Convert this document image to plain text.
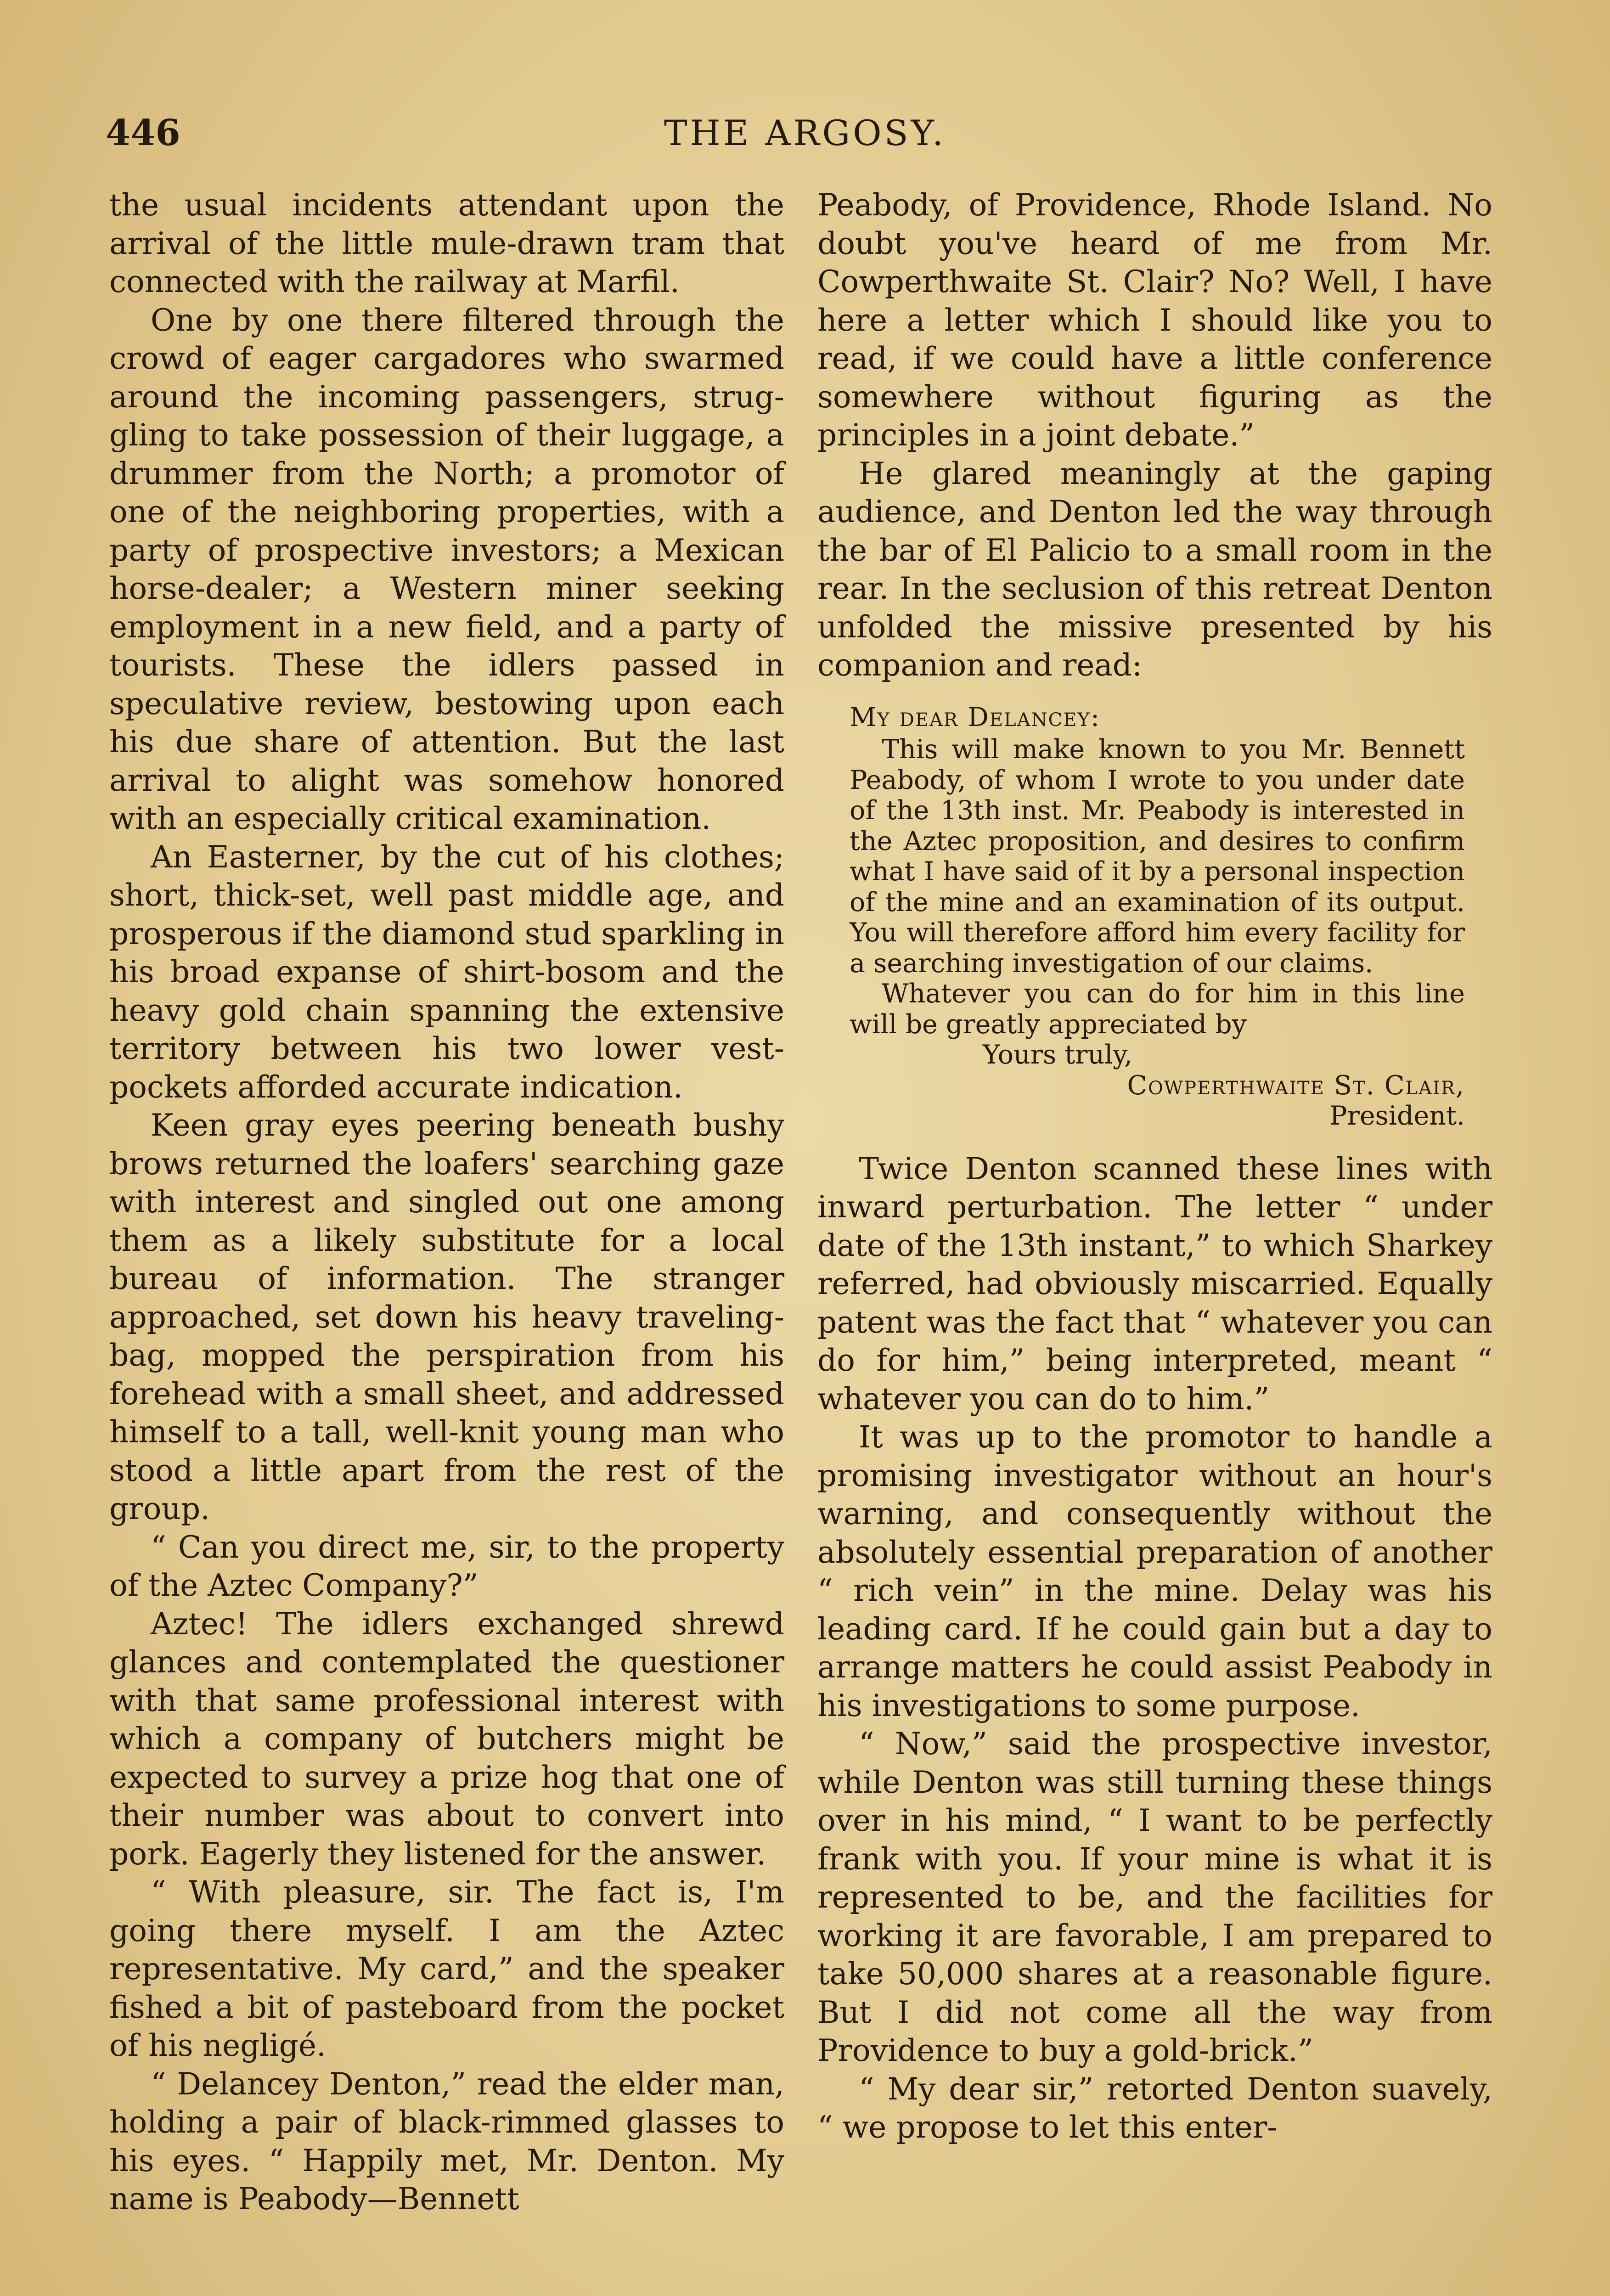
446	THE ARGOSY.

the usual incidents attendant upon the arrival of the little mule-drawn tram that connected with the railway at Marfil.

One by one there filtered through the crowd of eager cargadores who swarmed around the incoming passengers, struggling to take possession of their luggage, a drummer from the North; a promotor of one of the neighboring properties, with a party of prospective investors; a Mexican horse-dealer; a Western miner seeking employment in a new field, and a party of tourists. These the idlers passed in speculative review, bestowing upon each his due share of attention. But the last arrival to alight was somehow honored with an especially critical examination.

An Easterner, by the cut of his clothes; short, thick-set, well past middle age, and prosperous if the diamond stud sparkling in his broad expanse of shirt-bosom and the heavy gold chain spanning the extensive territory between his two lower vest-pockets afforded accurate indication.

Keen gray eyes peering beneath bushy brows returned the loafers' searching gaze with interest and singled out one among them as a likely substitute for a local bureau of information. The stranger approached, set down his heavy traveling-bag, mopped the perspiration from his forehead with a small sheet, and addressed himself to a tall, well-knit young man who stood a little apart from the rest of the group.

“ Can you direct me, sir, to the property of the Aztec Company?”

Aztec! The idlers exchanged shrewd glances and contemplated the questioner with that same professional interest with which a company of butchers might be expected to survey a prize hog that one of their number was about to convert into pork. Eagerly they listened for the answer.

“ With pleasure, sir. The fact is, I'm going there myself. I am the Aztec representative. My card,” and the speaker fished a bit of pasteboard from the pocket of his negligé.

“ Delancey Denton,” read the elder man, holding a pair of black-rimmed glasses to his eyes. “ Happily met, Mr. Denton. My name is Peabody—Bennett

Peabody, of Providence, Rhode Island. No doubt you've heard of me from Mr. Cowperthwaite St. Clair? No? Well, I have here a letter which I should like you to read, if we could have a little conference somewhere without figuring as the principles in a joint debate.”

He glared meaningly at the gaping audience, and Denton led the way through the bar of El Palicio to a small room in the rear. In the seclusion of this retreat Denton unfolded the missive presented by his companion and read:

My dear Delancey:

This will make known to you Mr. Bennett Peabody, of whom I wrote to you under date of the 13th inst. Mr. Peabody is interested in the Aztec proposition, and desires to confirm what I have said of it by a personal inspection of the mine and an examination of its output. You will therefore afford him every facility for a searching investigation of our claims.

Whatever you can do for him in this line will be greatly appreciated by

Yours truly,

Cowperthwaite St. Clair,

President.

Twice Denton scanned these lines with inward perturbation. The letter “ under date of the 13th instant,” to which Sharkey referred, had obviously miscarried. Equally patent was the fact that “ whatever you can do for him,” being interpreted, meant “ whatever you can do to him.”

It was up to the promotor to handle a promising investigator without an hour's warning, and consequently without the absolutely essential preparation of another “ rich vein” in the mine. Delay was his leading card. If he could gain but a day to arrange matters he could assist Peabody in his investigations to some purpose.

“ Now,” said the prospective investor, while Denton was still turning these things over in his mind, “ I want to be perfectly frank with you. If your mine is what it is represented to be, and the facilities for working it are favorable, I am prepared to take 50,000 shares at a reasonable figure. But I did not come all the way from Providence to buy a gold-brick.”

“ My dear sir,” retorted Denton suavely, “ we propose to let this enter-
